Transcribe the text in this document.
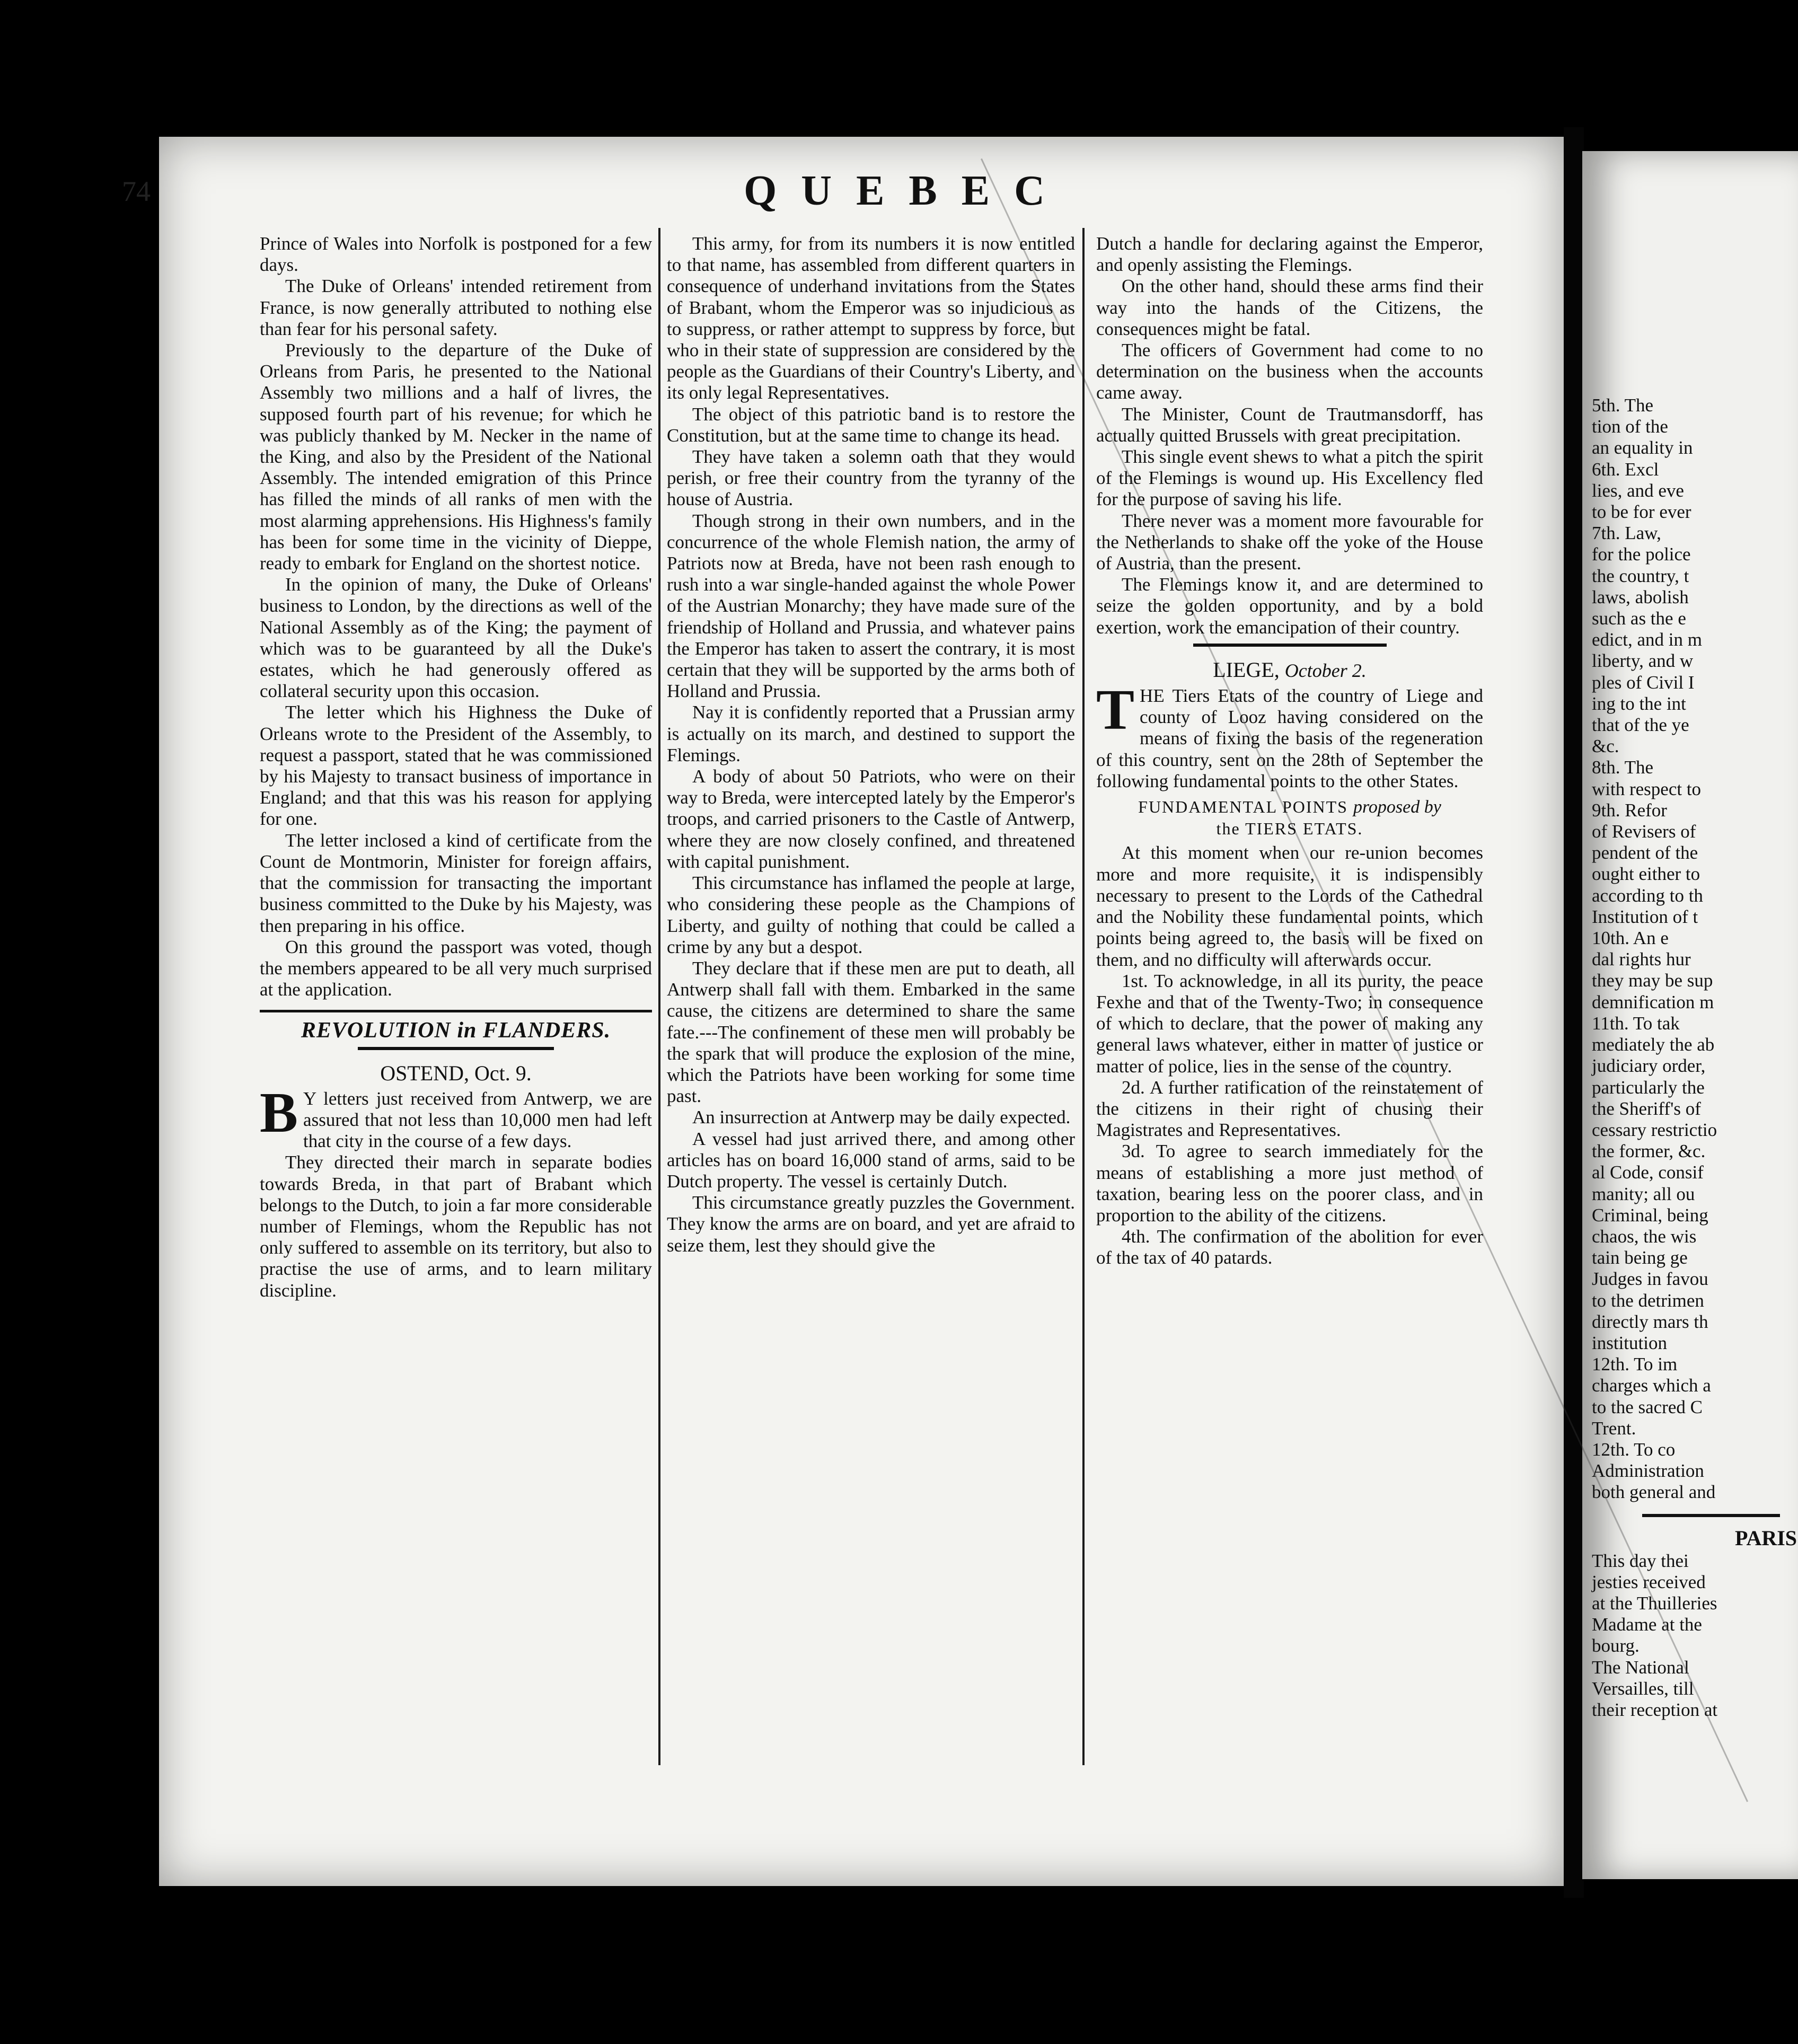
5th. The
tion of the
an equality in
6th. Excl
lies, and eve
to be for ever
7th. Law,
for the police
the country, t
laws, abolish
such as the e
edict, and in m
liberty, and w
ples of Civil I
ing to the int
that of the ye
&c.
8th. The
with respect to
9th. Refor
of Revisers of
pendent of the
ought either to
according to th
Institution of t
10th. An e
dal rights hur
they may be sup
demnification m
11th. To tak
mediately the ab
judiciary order,
particularly the
the Sheriff's of
cessary restrictio
the former, &c.
al Code, consif
manity; all ou
Criminal, being
chaos, the wis
tain being ge
Judges in favou
to the detrimen
directly mars th
institution
12th. To im
charges which a
to the sacred C
Trent.
12th. To co
Administration
both general and
PARIS
This day thei
jesties received
at the Thuilleries
Madame at the
bourg.
The National
Versailles, till
their reception at
74	QUEBEC

Prince of Wales into Norfolk is postponed for a few days.

The Duke of Orleans' intended retirement from France, is now generally attributed to nothing else than fear for his personal safety.

Previously to the departure of the Duke of Orleans from Paris, he presented to the National Assembly two millions and a half of livres, the supposed fourth part of his revenue; for which he was publicly thanked by M. Necker in the name of the King, and also by the President of the National Assembly. The intended emigration of this Prince has filled the minds of all ranks of men with the most alarming apprehensions. His Highness's family has been for some time in the vicinity of Dieppe, ready to embark for England on the shortest notice.

In the opinion of many, the Duke of Orleans' business to London, by the directions as well of the National Assembly as of the King; the payment of which was to be guaranteed by all the Duke's estates, which he had generously offered as collateral security upon this occasion.

The letter which his Highness the Duke of Orleans wrote to the President of the Assembly, to request a passport, stated that he was commissioned by his Majesty to transact business of importance in England; and that this was his reason for applying for one.

The letter inclosed a kind of certificate from the Count de Montmorin, Minister for foreign affairs, that the commission for transacting the important business committed to the Duke by his Majesty, was then preparing in his office.

On this ground the passport was voted, though the members appeared to be all very much surprised at the application.

REVOLUTION in FLANDERS.
OSTEND, Oct. 9.

B Y letters just received from Antwerp, we are assured that not less than 10,000 men had left that city in the course of a few days.

They directed their march in separate bodies towards Breda, in that part of Brabant which belongs to the Dutch, to join a far more considerable number of Flemings, whom the Republic has not only suffered to assemble on its territory, but also to practise the use of arms, and to learn military discipline.

This army, for from its numbers it is now entitled to that name, has assembled from different quarters in consequence of underhand invitations from the States of Brabant, whom the Emperor was so injudicious as to suppress, or rather attempt to suppress by force, but who in their state of suppression are considered by the people as the Guardians of their Country's Liberty, and its only legal Representatives.

The object of this patriotic band is to restore the Constitution, but at the same time to change its head.

They have taken a solemn oath that they would perish, or free their country from the tyranny of the house of Austria.

Though strong in their own numbers, and in the concurrence of the whole Flemish nation, the army of Patriots now at Breda, have not been rash enough to rush into a war single-handed against the whole Power of the Austrian Monarchy; they have made sure of the friendship of Holland and Prussia, and whatever pains the Emperor has taken to assert the contrary, it is most certain that they will be supported by the arms both of Holland and Prussia.

Nay it is confidently reported that a Prussian army is actually on its march, and destined to support the Flemings.

A body of about 50 Patriots, who were on their way to Breda, were intercepted lately by the Emperor's troops, and carried prisoners to the Castle of Antwerp, where they are now closely confined, and threatened with capital punishment.

This circumstance has inflamed the people at large, who considering these people as the Champions of Liberty, and guilty of nothing that could be called a crime by any but a despot.

They declare that if these men are put to death, all Antwerp shall fall with them. Embarked in the same cause, the citizens are determined to share the same fate.---The confinement of these men will probably be the spark that will produce the explosion of the mine, which the Patriots have been working for some time past.

An insurrection at Antwerp may be daily expected.

A vessel had just arrived there, and among other articles has on board 16,000 stand of arms, said to be Dutch property. The vessel is certainly Dutch.

This circumstance greatly puzzles the Government. They know the arms are on board, and yet are afraid to seize them, lest they should give the

Dutch a handle for declaring against the Emperor, and openly assisting the Flemings.

On the other hand, should these arms find their way into the hands of the Citizens, the consequences might be fatal.

The officers of Government had come to no determination on the business when the accounts came away.

The Minister, Count de Trautmansdorff, has actually quitted Brussels with great precipitation.

This single event shews to what a pitch the spirit of the Flemings is wound up. His Excellency fled for the purpose of saving his life.

There never was a moment more favourable for the Netherlands to shake off the yoke of the House of Austria, than the present.

The Flemings know it, and are determined to seize the golden opportunity, and by a bold exertion, work the emancipation of their country.

LIEGE, October 2.

THE Tiers Etats of the country of Liege and county of Looz having considered on the means of fixing the basis of the regeneration of this country, sent on the 28th of September the following fundamental points to the other States.

FUNDAMENTAL POINTS proposed by
the TIERS ETATS.

At this moment when our re-union becomes more and more requisite, it is indispensibly necessary to present to the Lords of the Cathedral and the Nobility these fundamental points, which points being agreed to, the basis will be fixed on them, and no difficulty will afterwards occur.

1st. To acknowledge, in all its purity, the peace Fexhe and that of the Twenty-Two; in consequence of which to declare, that the power of making any general laws whatever, either in matter of justice or matter of police, lies in the sense of the country.

2d. A further ratification of the reinstatement of the citizens in their right of chusing their Magistrates and Representatives.

3d. To agree to search immediately for the means of establishing a more just method of taxation, bearing less on the poorer class, and in proportion to the ability of the citizens.

4th. The confirmation of the abolition for ever of the tax of 40 patards.
